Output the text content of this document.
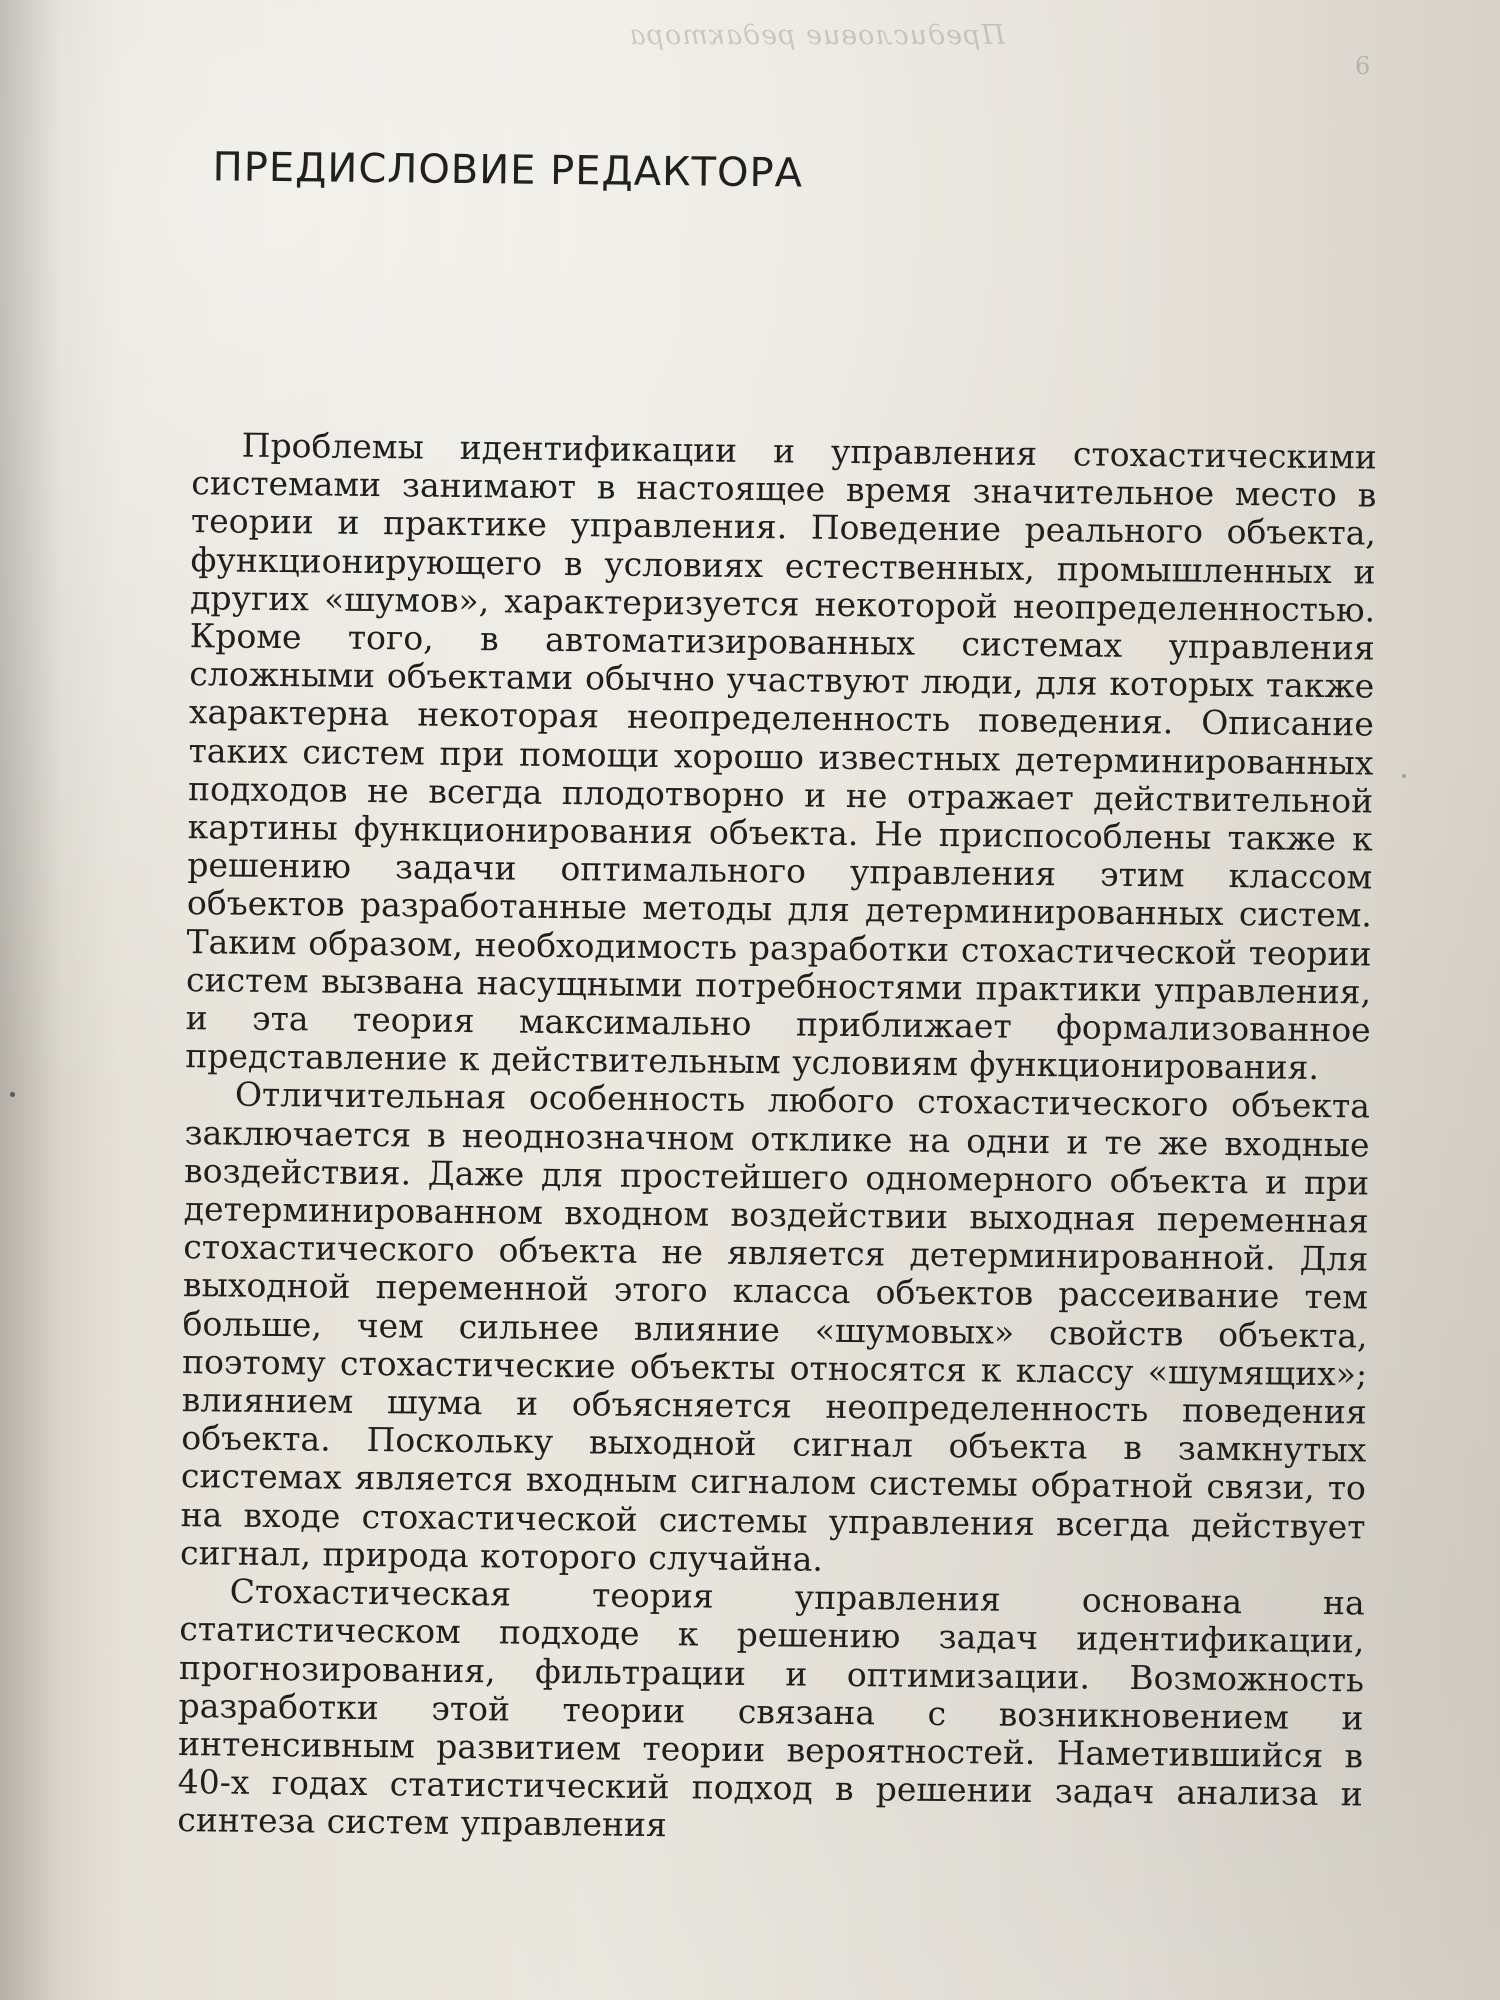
Предисловие редактора
6
ПРЕДИСЛОВИЕ РЕДАКТОРА

Проблемы идентификации и управления стохастическими системами занимают в настоящее время значительное место в теории и практике управления. Поведение реального объекта, функционирующего в условиях естественных, промышленных и других «шумов», характеризуется некоторой неопределенностью. Кроме того, в автоматизированных системах управления сложными объектами обычно участвуют люди, для которых также характерна некоторая неопределенность поведения. Описание таких систем при помощи хорошо известных детерминированных подходов не всегда плодотворно и не отражает действительной картины функционирования объекта. Не приспособлены также к решению задачи оптимального управления этим классом объектов разработанные методы для детерминированных систем. Таким образом, необходимость разработки стохастической теории систем вызвана насущными потребностями практики управления, и эта теория максимально приближает формализованное представление к действительным условиям функционирования.

Отличительная особенность любого стохастического объекта заключается в неоднозначном отклике на одни и те же входные воздействия. Даже для простейшего одномерного объекта и при детерминированном входном воздействии выходная переменная стохастического объекта не является детерминированной. Для выходной переменной этого класса объектов рассеивание тем больше, чем сильнее влияние «шумовых» свойств объекта, поэтому стохастические объекты относятся к классу «шумящих»; влиянием шума и объясняется неопределенность поведения объекта. Поскольку выходной сигнал объекта в замкнутых системах является входным сигналом системы обратной связи, то на входе стохастической системы управления всегда действует сигнал, природа которого случайна.

Стохастическая теория управления основана на статистическом подходе к решению задач идентификации, прогнозирования, фильтрации и оптимизации. Возможность разработки этой теории связана с возникновением и интенсивным развитием теории вероятностей. Наметившийся в 40-х годах статистический подход в решении задач анализа и синтеза систем управления
